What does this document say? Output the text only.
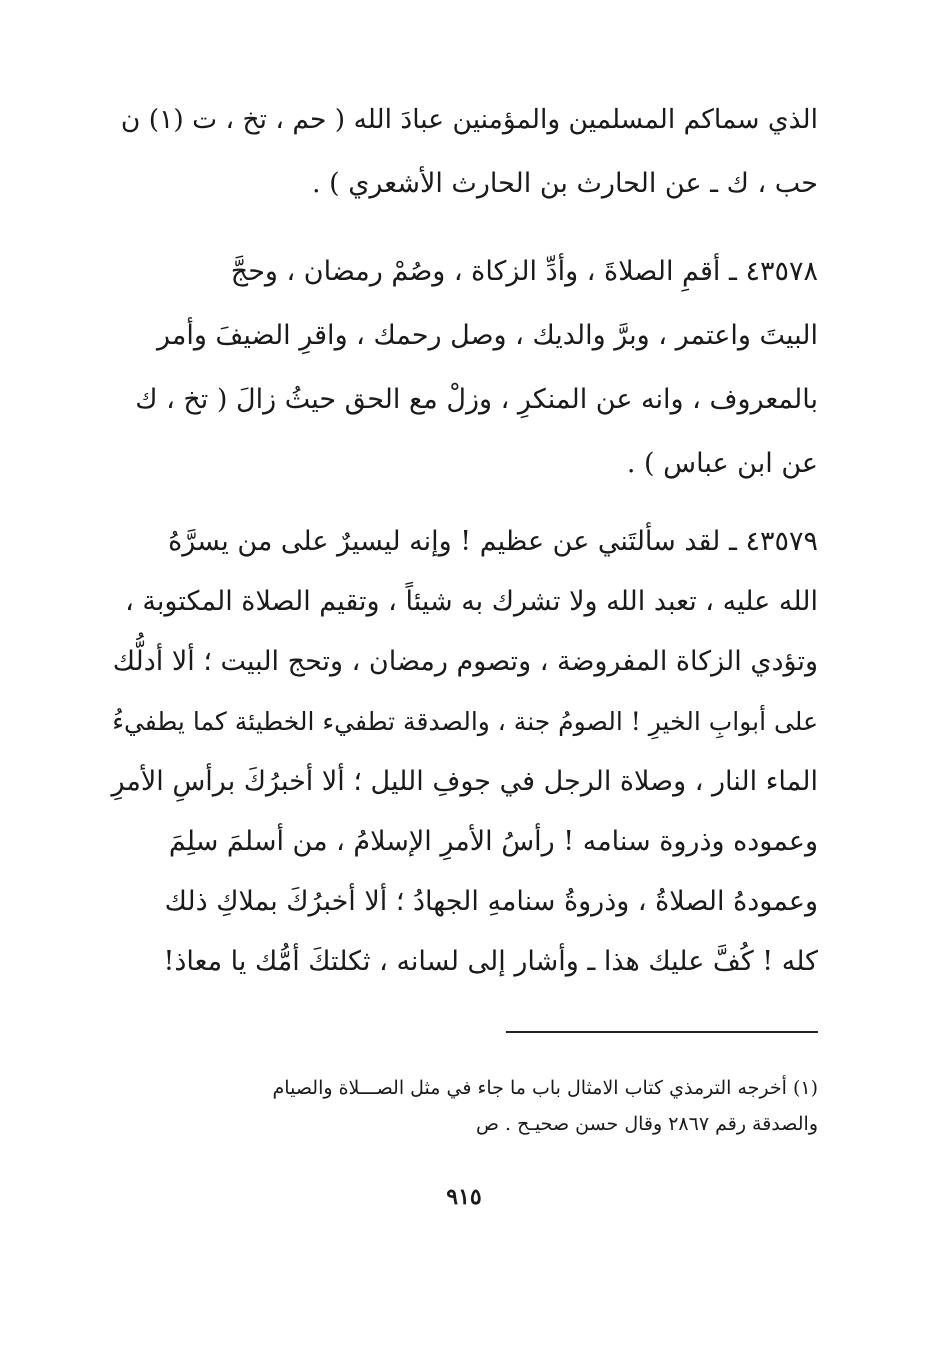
الذي سماكم المسلمين والمؤمنين عبادَ الله ( حم ، تخ ، ت (١) ن
حب ، ك ـ عن الحارث بن الحارث الأشعري ) .
٤٣٥٧٨ ـ أقمِ الصلاةَ ، وأدِّ الزكاة ، وصُمْ رمضان ، وحجَّ
البيتَ واعتمر ، وبرَّ والديك ، وصل رحمك ، واقرِ الضيفَ وأمر
بالمعروف ، وانه عن المنكرِ ، وزلْ مع الحق حيثُ زالَ ( تخ ، ك
عن ابن عباس ) .
٤٣٥٧٩ ـ لقد سألتَني عن عظيم ! وإنه ليسيرٌ على من يسرَّهُ
الله عليه ، تعبد الله ولا تشرك به شيئاً ، وتقيم الصلاة المكتوبة ،
وتؤدي الزكاة المفروضة ، وتصوم رمضان ، وتحج البيت ؛ ألا أدلُّك
على أبوابِ الخيرِ ! الصومُ جنة ، والصدقة تطفيء الخطيئة كما يطفيءُ
الماء النار ، وصلاة الرجل في جوفِ الليل ؛ ألا أخبرُكَ برأسِ الأمرِ
وعموده وذروة سنامه ! رأسُ الأمرِ الإسلامُ ، من أسلمَ سلِمَ
وعمودهُ الصلاةُ ، وذروةُ سنامهِ الجهادُ ؛ ألا أخبرُكَ بملاكِ ذلك
كله ! كُفَّ عليك هذا ـ وأشار إلى لسانه ، ثكلتكَ أمُّك يا معاذ!
(١) أخرجه الترمذي كتاب الامثال باب ما جاء في مثل الصـــلاة والصيام
والصدقة رقم ٢٨٦٧ وقال حسن صحيـح . ص
٩١٥
